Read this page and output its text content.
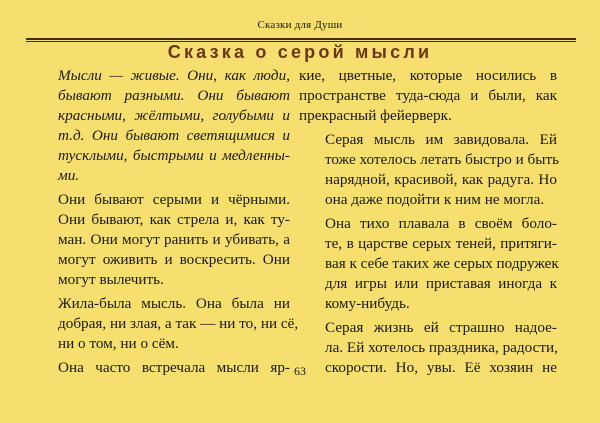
Сказки для Души
Сказка о серой мысли

Мысли — живые. Они, как люди,
бывают разными. Они бывают
красными, жёлтыми, голубыми и
т.д. Они бывают светящимися и
тусклыми, быстрыми и медленны-
ми.

Они бывают серыми и чёрными.
Они бывают, как стрела и, как ту-
ман. Они могут ранить и убивать, а
могут оживить и воскресить. Они
могут вылечить.

Жила-была мысль. Она была ни
добрая, ни злая, а так — ни то, ни сё,
ни о том, ни о сём.

Она часто встречала мысли яр-

кие, цветные, которые носились в
пространстве туда-сюда и были, как
прекрасный фейерверк.

Серая мысль им завидовала. Ей
тоже хотелось летать быстро и быть
нарядной, красивой, как радуга. Но
она даже подойти к ним не могла.

Она тихо плавала в своём боло-
те, в царстве серых теней, притяги-
вая к себе таких же серых подружек
для игры или приставая иногда к
кому-нибудь.

Серая жизнь ей страшно надое-
ла. Ей хотелось праздника, радости,
скорости. Но, увы. Её хозяин не

63
